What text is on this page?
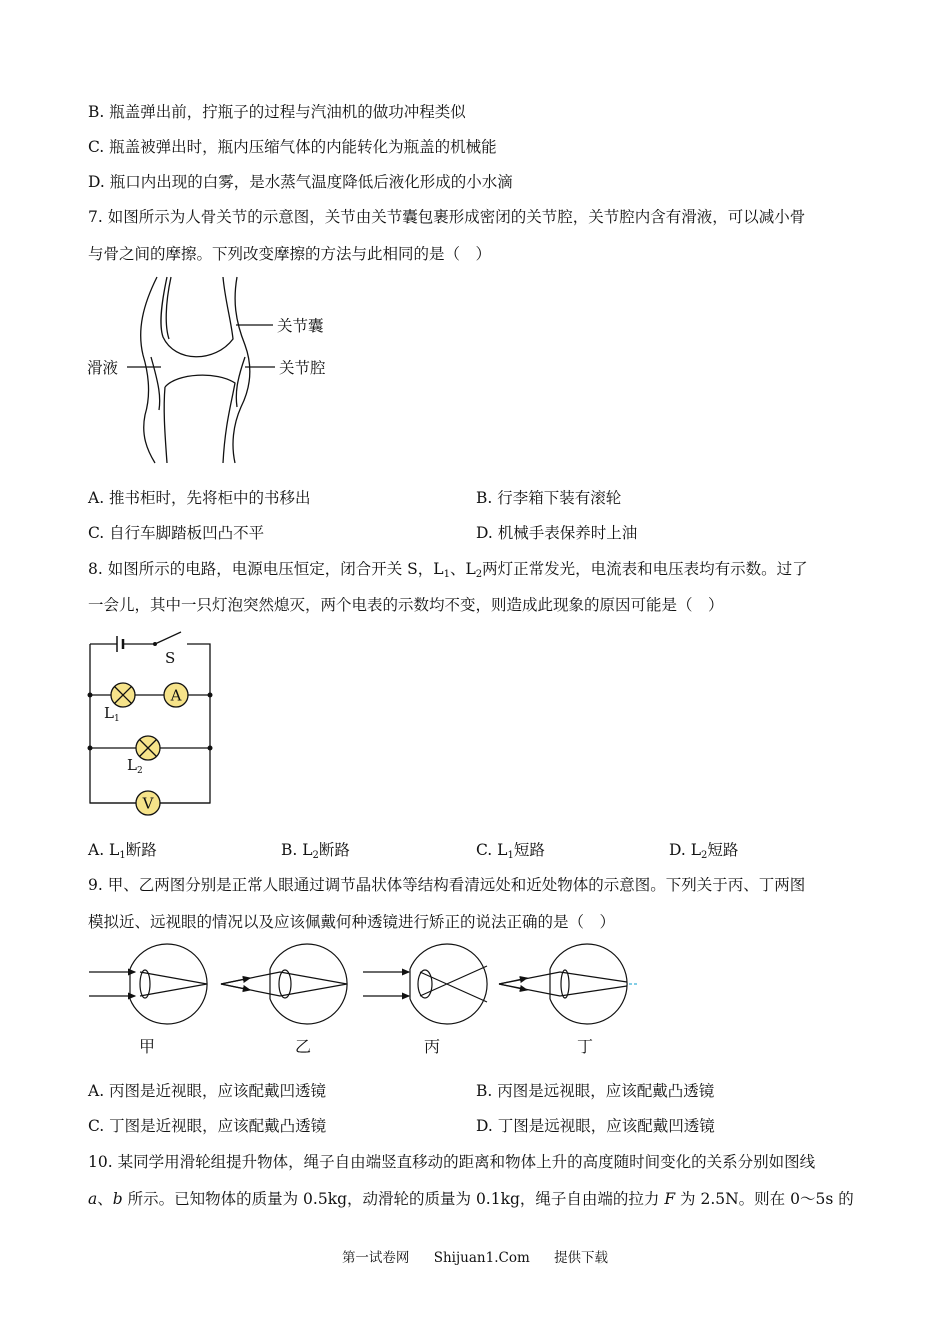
B. 瓶盖弹出前，拧瓶子的过程与汽油机的做功冲程类似
C. 瓶盖被弹出时，瓶内压缩气体的内能转化为瓶盖的机械能
D. 瓶口内出现的白雾，是水蒸气温度降低后液化形成的小水滴
7. 如图所示为人骨关节的示意图，关节由关节囊包裹形成密闭的关节腔，关节腔内含有滑液，可以减小骨
与骨之间的摩擦。下列改变摩擦的方法与此相同的是（　）
关节囊
关节腔
滑液
A. 推书柜时，先将柜中的书移出	B. 行李箱下装有滚轮
C. 自行车脚踏板凹凸不平	D. 机械手表保养时上油
8. 如图所示的电路，电源电压恒定，闭合开关 S，$L_1$、$L_2$两灯正常发光，电流表和电压表均有示数。过了
一会儿，其中一只灯泡突然熄灭，两个电表的示数均不变，则造成此现象的原因可能是（　）
A
V
S
$L_1$
$L_2$
A. $L_1$断路	B. $L_2$断路	C. $L_1$短路	D. $L_2$短路
9. 甲、乙两图分别是正常人眼通过调节晶状体等结构看清远处和近处物体的示意图。下列关于丙、丁两图
模拟近、远视眼的情况以及应该佩戴何种透镜进行矫正的说法正确的是（　）
甲	乙	丙	丁
A. 丙图是近视眼，应该配戴凹透镜	B. 丙图是远视眼，应该配戴凸透镜
C. 丁图是近视眼，应该配戴凸透镜	D. 丁图是远视眼，应该配戴凹透镜
10. 某同学用滑轮组提升物体，绳子自由端竖直移动的距离和物体上升的高度随时间变化的关系分别如图线
a、b 所示。已知物体的质量为 0.5kg，动滑轮的质量为 0.1kg，绳子自由端的拉力 F 为 2.5N。则在 0～5s 的
第一试卷网 Shijuan1.Com 提供下载
